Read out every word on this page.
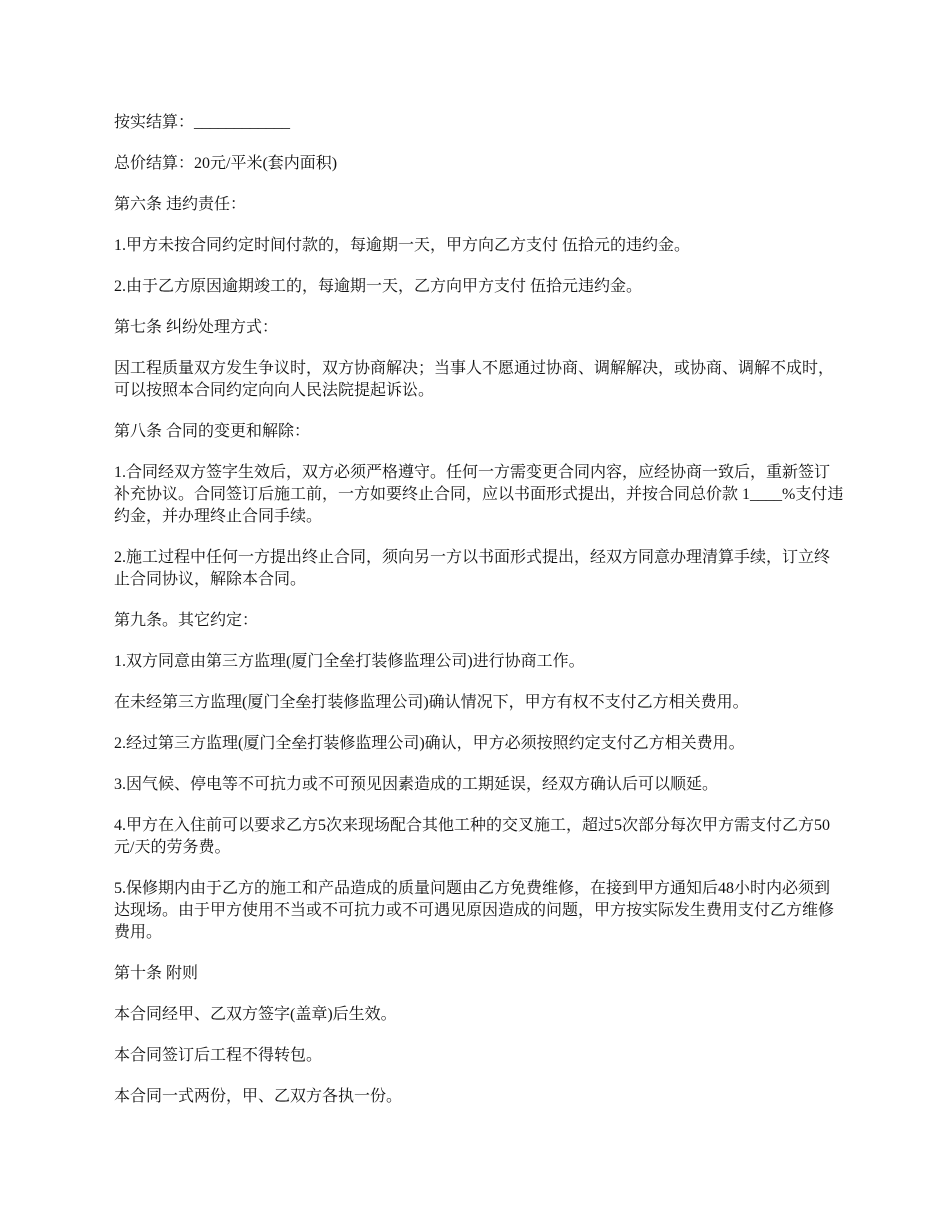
按实结算：____________

总价结算：20元/平米(套内面积)

第六条 违约责任：

1.甲方未按合同约定时间付款的，每逾期一天，甲方向乙方支付 伍拾元的违约金。

2.由于乙方原因逾期竣工的，每逾期一天，乙方向甲方支付 伍拾元违约金。

第七条 纠纷处理方式：

因工程质量双方发生争议时，双方协商解决；当事人不愿通过协商、调解解决，或协商、调解不成时，可以按照本合同约定向向人民法院提起诉讼。

第八条 合同的变更和解除：

1.合同经双方签字生效后，双方必须严格遵守。任何一方需变更合同内容，应经协商一致后，重新签订补充协议。合同签订后施工前，一方如要终止合同，应以书面形式提出，并按合同总价款 1____%支付违约金，并办理终止合同手续。

2.施工过程中任何一方提出终止合同，须向另一方以书面形式提出，经双方同意办理清算手续，订立终止合同协议，解除本合同。

第九条。其它约定：

1.双方同意由第三方监理(厦门全垒打装修监理公司)进行协商工作。

在未经第三方监理(厦门全垒打装修监理公司)确认情况下，甲方有权不支付乙方相关费用。

2.经过第三方监理(厦门全垒打装修监理公司)确认，甲方必须按照约定支付乙方相关费用。

3.因气候、停电等不可抗力或不可预见因素造成的工期延误，经双方确认后可以顺延。

4.甲方在入住前可以要求乙方5次来现场配合其他工种的交叉施工，超过5次部分每次甲方需支付乙方50元/天的劳务费。

5.保修期内由于乙方的施工和产品造成的质量问题由乙方免费维修，在接到甲方通知后48小时内必须到达现场。由于甲方使用不当或不可抗力或不可遇见原因造成的问题，甲方按实际发生费用支付乙方维修费用。

第十条 附则

本合同经甲、乙双方签字(盖章)后生效。

本合同签订后工程不得转包。

本合同一式两份，甲、乙双方各执一份。
